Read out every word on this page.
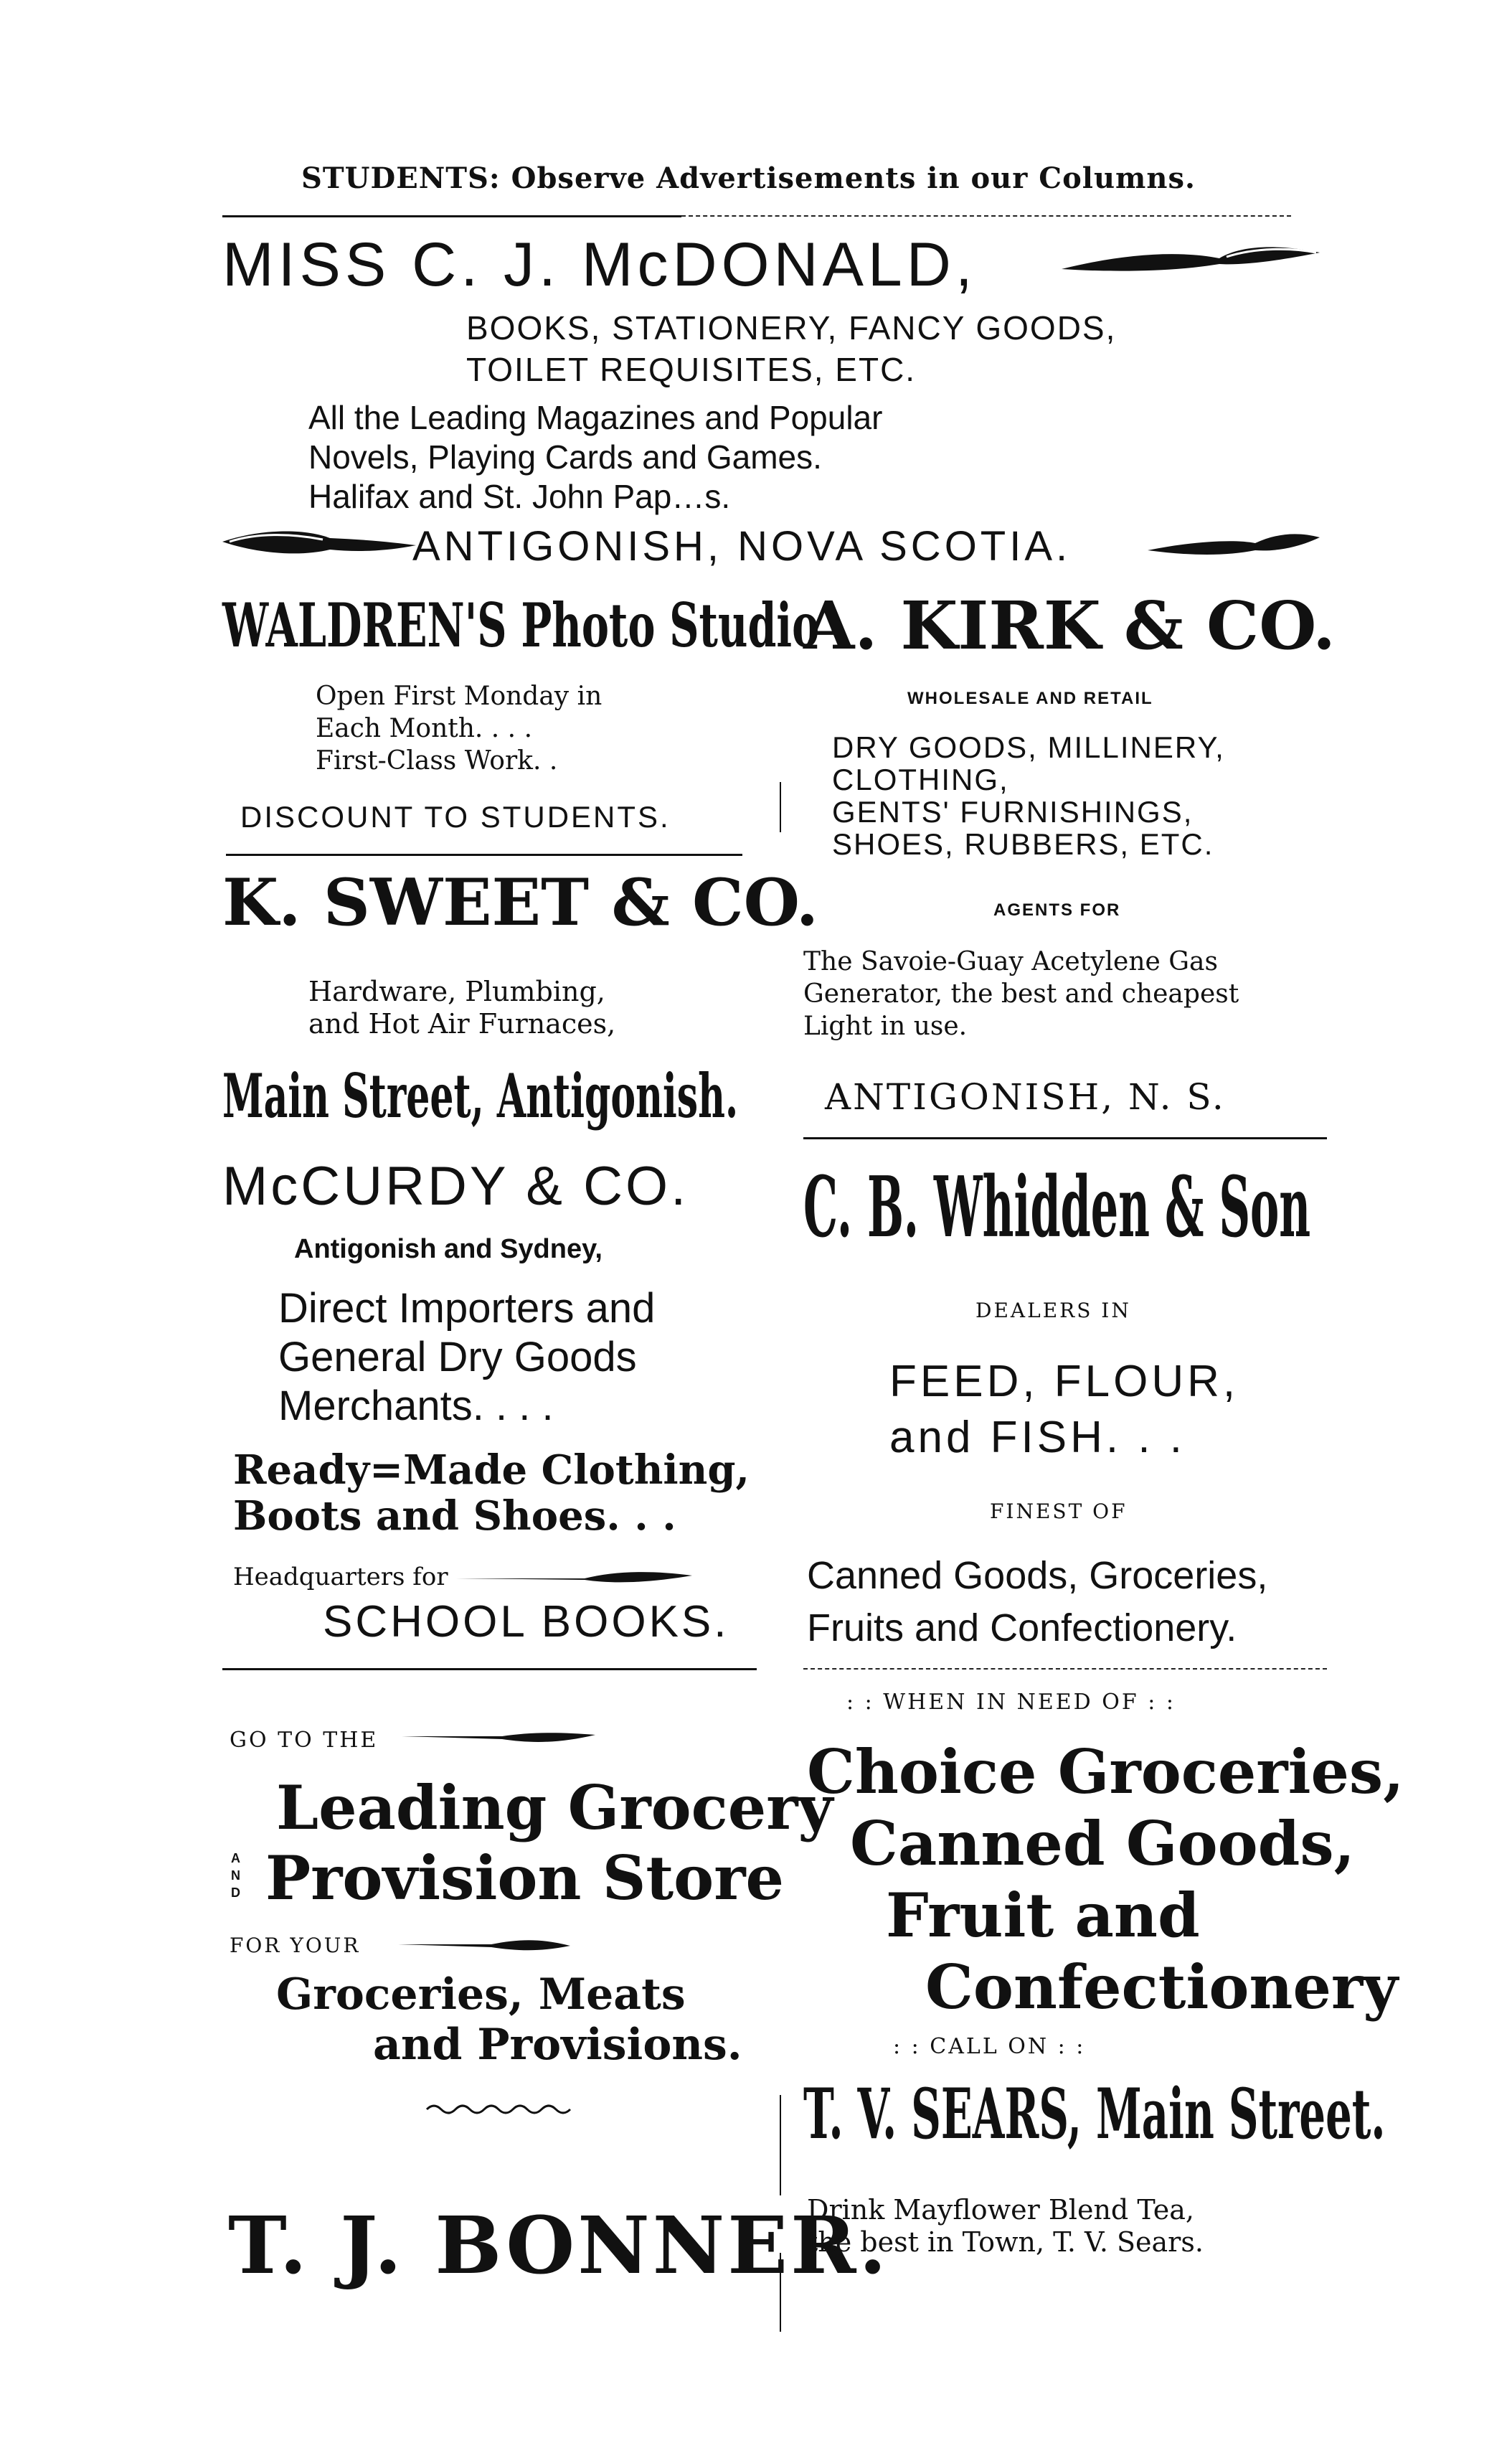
STUDENTS: Observe Advertisements in our Columns.
MISS C. J. McDONALD,
BOOKS, STATIONERY, FANCY GOODS,
TOILET REQUISITES, ETC.
All the Leading Magazines and Popular
Novels, Playing Cards and Games.
Halifax and St. John Pap…s.
ANTIGONISH, NOVA SCOTIA.
WALDREN'S Photo Studio
Open First Monday in
Each Month. . . .
First-Class Work. .
DISCOUNT TO STUDENTS.
A. KIRK & CO.
WHOLESALE AND RETAIL
DRY GOODS, MILLINERY,
CLOTHING,
GENTS' FURNISHINGS,
SHOES, RUBBERS, ETC.
AGENTS FOR
The Savoie-Guay Acetylene Gas
Generator, the best and cheapest
Light in use.
ANTIGONISH, N. S.
K. SWEET & CO.
Hardware, Plumbing,
and Hot Air Furnaces,
Main Street, Antigonish.
McCURDY & CO.
Antigonish and Sydney,
Direct Importers and
General Dry Goods
Merchants. . . .
Ready=Made Clothing,
Boots and Shoes. . .
Headquarters for
SCHOOL BOOKS.
C. B. Whidden & Son
DEALERS IN
FEED, FLOUR,
and FISH. . .
FINEST OF
Canned Goods, Groceries,
Fruits and Confectionery.
GO TO THE
Leading Grocery
A
N
D Provision Store
FOR YOUR
Groceries, Meats
and Provisions.
T. J. BONNER.
: : WHEN IN NEED OF : :
Choice Groceries,
Canned Goods,
Fruit and
Confectionery
: : CALL ON : :
T. V. SEARS, Main Street.
Drink Mayflower Blend Tea,
the best in Town, T. V. Sears.
